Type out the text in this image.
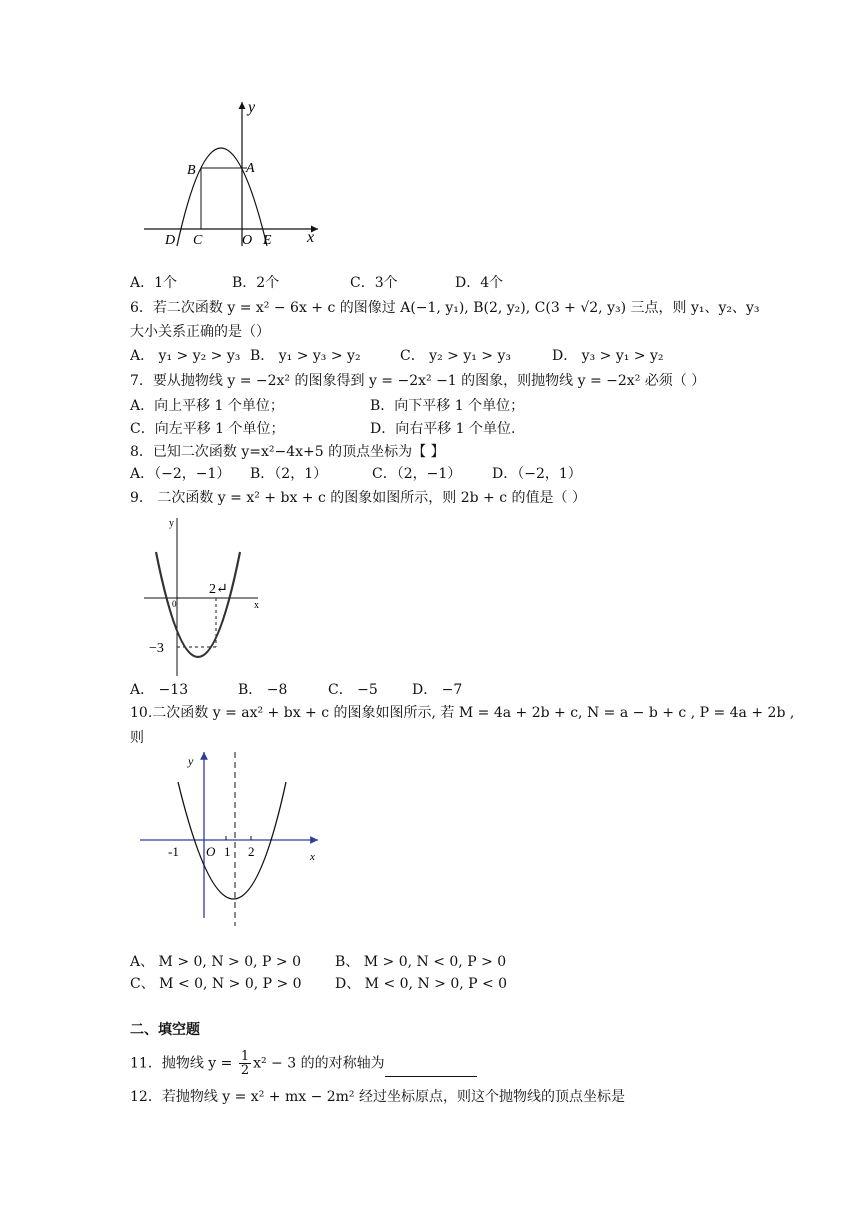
y
x
B	A
D C	O E
A．1个	B．2个	C．3个	D．4个
6．若二次函数 y = x² − 6x + c 的图像过 A(−1, y₁), B(2, y₂), C(3 + √2, y₃) 三点，则 y₁、y₂、y₃
大小关系正确的是（）
A． y₁ > y₂ > y₃ B． y₁ > y₃ > y₂	C． y₂ > y₁ > y₃	D． y₃ > y₁ > y₂
7．要从抛物线 y = −2x² 的图象得到 y = −2x² −1 的图象，则抛物线 y = −2x² 必须（ ）
A．向上平移 1 个单位；	B．向下平移 1 个单位；
C．向左平移 1 个单位；	D．向右平移 1 个单位.
8．已知二次函数 y=x²−4x+5 的顶点坐标为【 】
A．（−2，−1） B．（2，1）	C．（2，−1） D．（−2，1）
9． 二次函数 y = x² + bx + c 的图象如图所示，则 2b + c 的值是（ ）
y
x
0
2↵
−3
A． −13	B． −8	C． −5 D． −7
10.二次函数 y = ax² + bx + c 的图象如图所示, 若 M = 4a + 2b + c, N = a − b + c , P = 4a + 2b ,
则
y
x
-1 O 1 2
A、 M > 0, N > 0, P > 0 B、 M > 0, N < 0, P > 0
C、 M < 0, N > 0, P > 0 D、 M < 0, N > 0, P < 0
二、填空题
11．抛物线 $y = \frac{1}{2} x^2 - 3$ 的的对称轴为
12．若抛物线 y = x² + mx − 2m² 经过坐标原点，则这个抛物线的顶点坐标是
